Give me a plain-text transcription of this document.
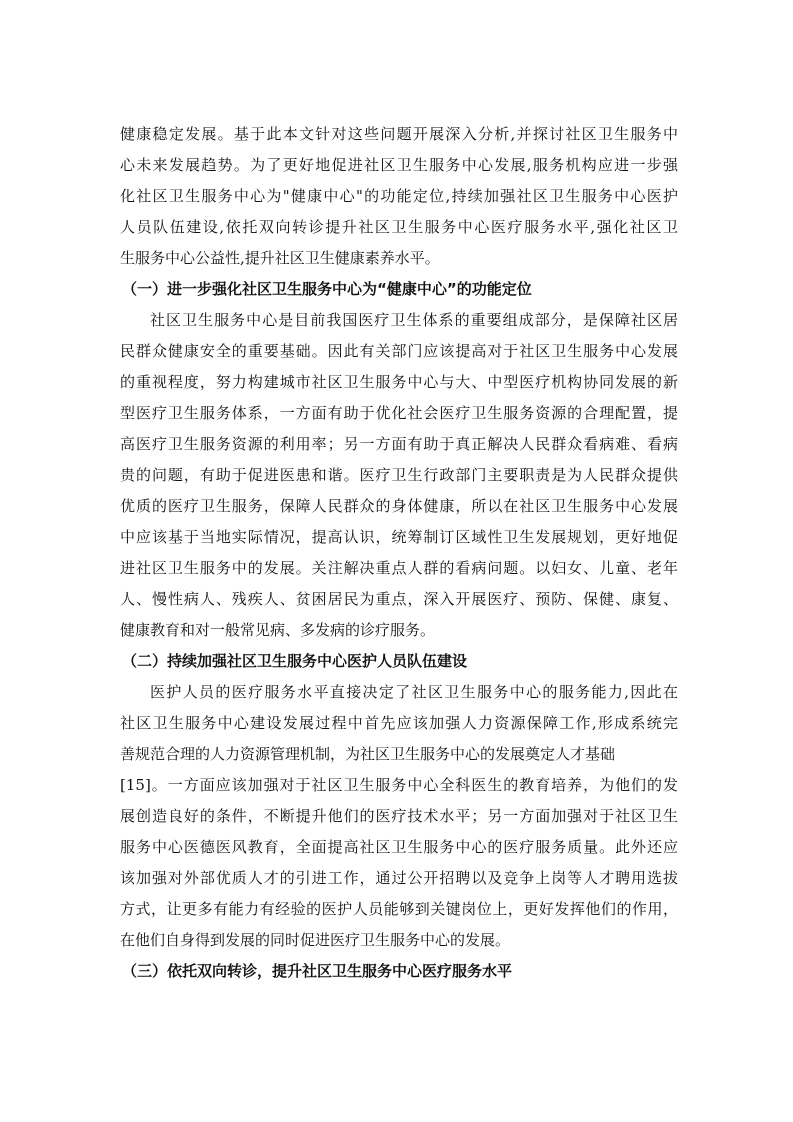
健康稳定发展。基于此本文针对这些问题开展深入分析,并探讨社区卫生服务中
心未来发展趋势。为了更好地促进社区卫生服务中心发展,服务机构应进一步强
化社区卫生服务中心为"健康中心"的功能定位,持续加强社区卫生服务中心医护
人员队伍建设,依托双向转诊提升社区卫生服务中心医疗服务水平,强化社区卫
生服务中心公益性,提升社区卫生健康素养水平。
（一）进一步强化社区卫生服务中心为“健康中心”的功能定位
社区卫生服务中心是目前我国医疗卫生体系的重要组成部分，是保障社区居
民群众健康安全的重要基础。因此有关部门应该提高对于社区卫生服务中心发展
的重视程度，努力构建城市社区卫生服务中心与大、中型医疗机构协同发展的新
型医疗卫生服务体系，一方面有助于优化社会医疗卫生服务资源的合理配置，提
高医疗卫生服务资源的利用率；另一方面有助于真正解决人民群众看病难、看病
贵的问题，有助于促进医患和谐。医疗卫生行政部门主要职责是为人民群众提供
优质的医疗卫生服务，保障人民群众的身体健康，所以在社区卫生服务中心发展
中应该基于当地实际情况，提高认识，统筹制订区域性卫生发展规划，更好地促
进社区卫生服务中的发展。关注解决重点人群的看病问题。以妇女、儿童、老年
人、慢性病人、残疾人、贫困居民为重点，深入开展医疗、预防、保健、康复、
健康教育和对一般常见病、多发病的诊疗服务。
（二）持续加强社区卫生服务中心医护人员队伍建设
医护人员的医疗服务水平直接决定了社区卫生服务中心的服务能力,因此在
社区卫生服务中心建设发展过程中首先应该加强人力资源保障工作,形成系统完
善规范合理的人力资源管理机制，为社区卫生服务中心的发展奠定人才基础
[15]。一方面应该加强对于社区卫生服务中心全科医生的教育培养，为他们的发
展创造良好的条件，不断提升他们的医疗技术水平；另一方面加强对于社区卫生
服务中心医德医风教育，全面提高社区卫生服务中心的医疗服务质量。此外还应
该加强对外部优质人才的引进工作，通过公开招聘以及竞争上岗等人才聘用选拔
方式，让更多有能力有经验的医护人员能够到关键岗位上，更好发挥他们的作用，
在他们自身得到发展的同时促进医疗卫生服务中心的发展。
（三）依托双向转诊，提升社区卫生服务中心医疗服务水平
